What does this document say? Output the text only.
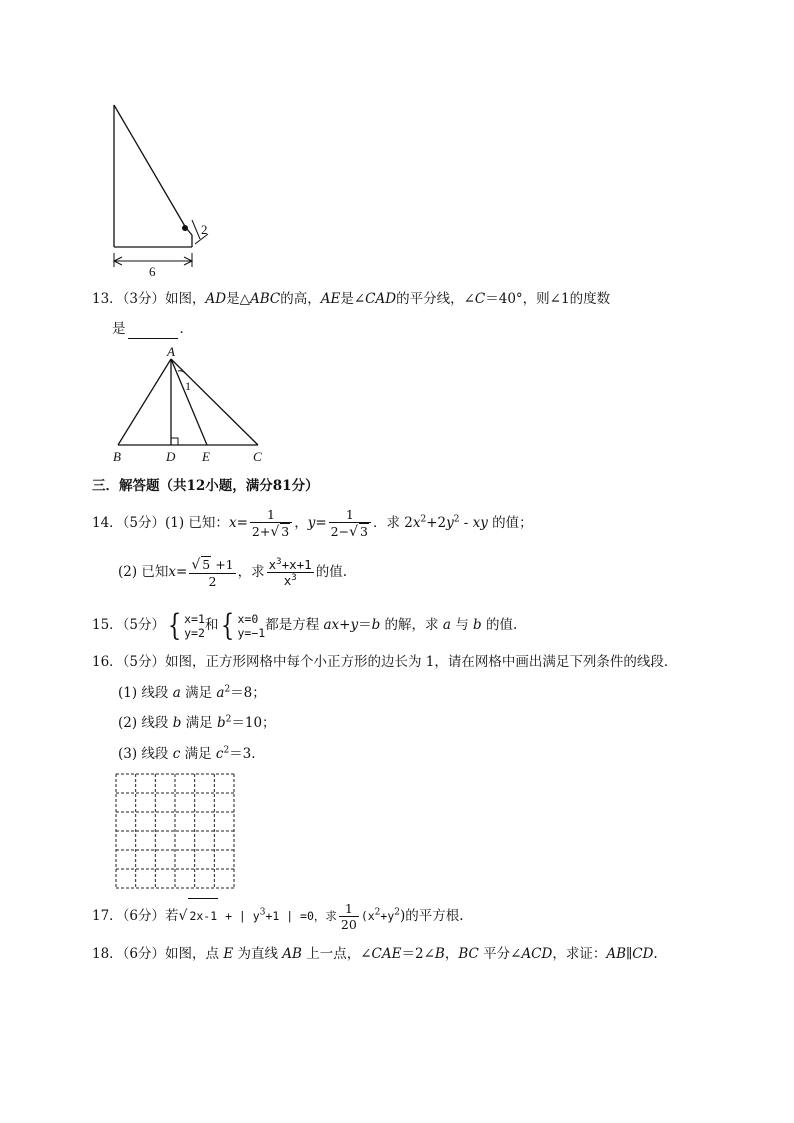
2
6
13．（3分）如图，AD是△ABC的高，AE是∠CAD的平分线，∠C＝40°，则∠1的度数
是	．
A
1
B	D E	C
三．解答题（共12小题，满分81分）
14．（5分）(1) 已知：$x= \frac{1}{2+√ 3}$ ，$y= \frac{1}{2-√ 3}$ ．求 $2x^2+2y^2$ - xy 的值；
(2) 已知$x= \frac{√ 5 +1}{2}$ ，求 $\frac{x^3+x+1}{x^3}$ 的值.
15．（5分）{ x=1
y=2 和{ x=0
y=−1 都是方程 ax+y＝b 的解，求 a 与 b 的值.
16．（5分）如图，正方形网格中每个小正方形的边长为 1，请在网格中画出满足下列条件的线段．
(1) 线段 a 满足 $a^2=8$；
(2) 线段 b 满足 $b^2=10$；
(3) 线段 c 满足 $c^2=3$.
17．（6分）若√ 2x-1 + | $y^3+1$ | =0，求 $\frac{1}{20} (x^2+y^2)$的平方根.
18．（6分）如图，点 E 为直线 AB 上一点，∠CAE＝2∠B，BC 平分∠ACD，求证：AB∥CD.
